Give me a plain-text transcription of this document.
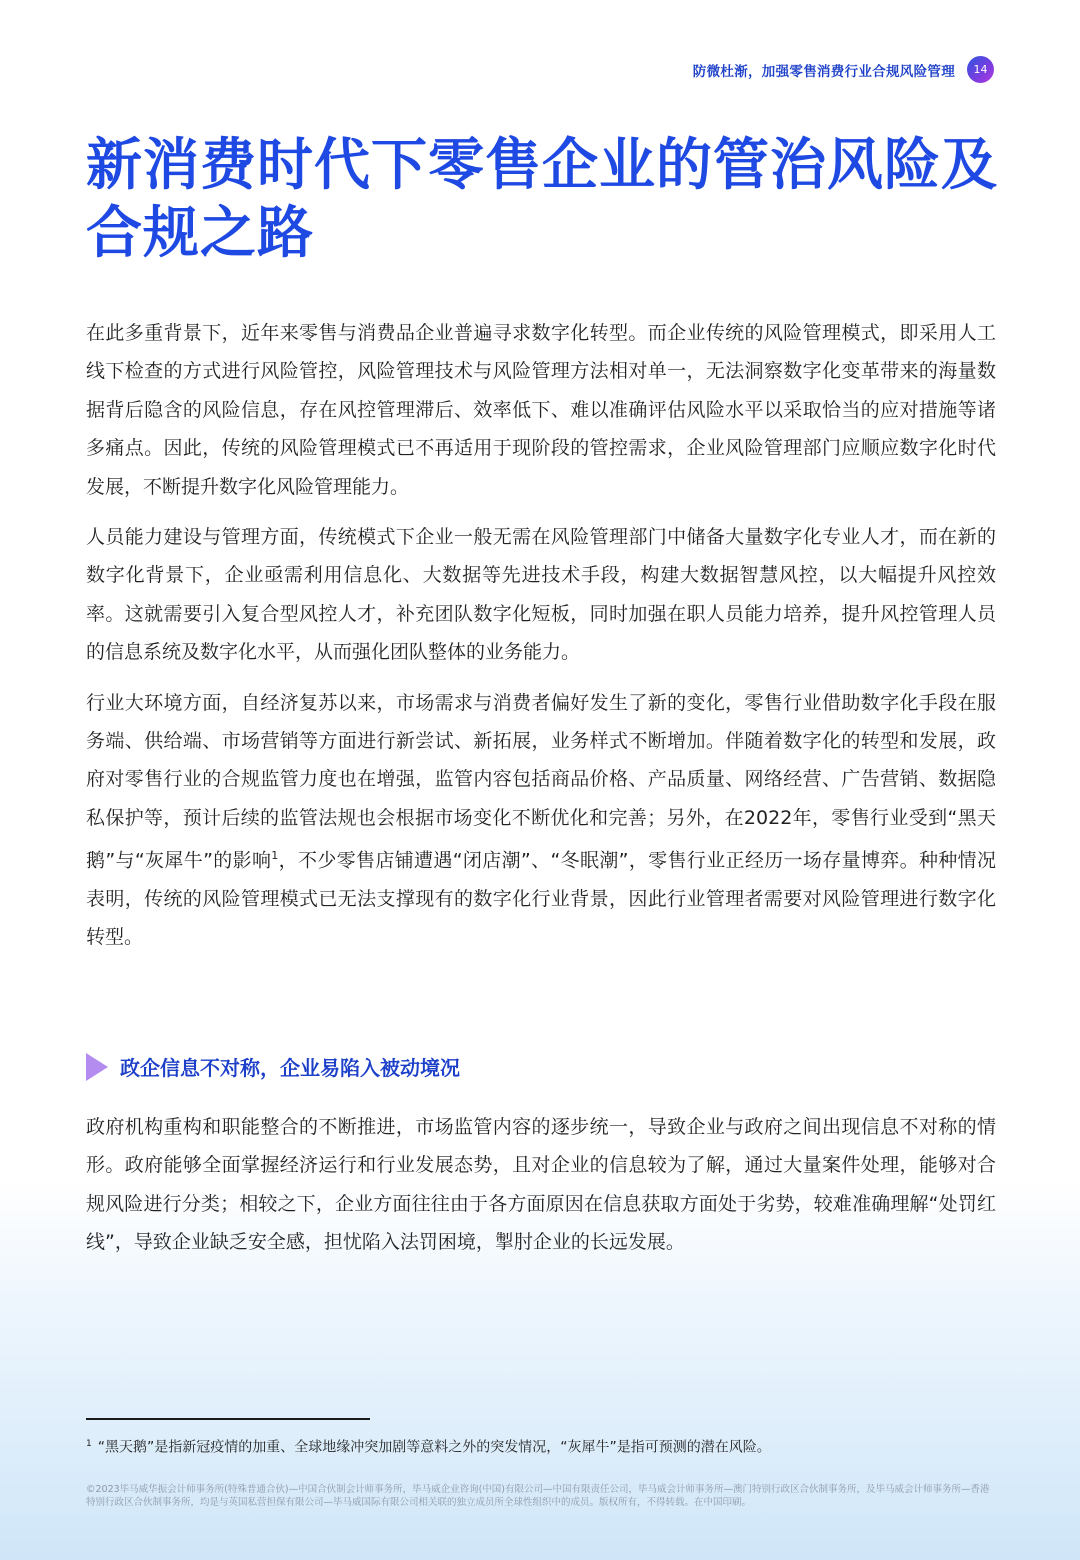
防微杜渐，加强零售消费行业合规风险管理	14
新消费时代下零售企业的管治风险及合规之路

在此多重背景下，近年来零售与消费品企业普遍寻求数字化转型。而企业传统的风险管理模式，即采用人工线下检查的方式进行风险管控，风险管理技术与风险管理方法相对单一，无法洞察数字化变革带来的海量数据背后隐含的风险信息，存在风控管理滞后、效率低下、难以准确评估风险水平以采取恰当的应对措施等诸多痛点。因此，传统的风险管理模式已不再适用于现阶段的管控需求，企业风险管理部门应顺应数字化时代发展，不断提升数字化风险管理能力。

人员能力建设与管理方面，传统模式下企业一般无需在风险管理部门中储备大量数字化专业人才，而在新的数字化背景下，企业亟需利用信息化、大数据等先进技术手段，构建大数据智慧风控，以大幅提升风控效率。这就需要引入复合型风控人才，补充团队数字化短板，同时加强在职人员能力培养，提升风控管理人员的信息系统及数字化水平，从而强化团队整体的业务能力。

行业大环境方面，自经济复苏以来，市场需求与消费者偏好发生了新的变化，零售行业借助数字化手段在服务端、供给端、市场营销等方面进行新尝试、新拓展，业务样式不断增加。伴随着数字化的转型和发展，政府对零售行业的合规监管力度也在增强，监管内容包括商品价格、产品质量、网络经营、广告营销、数据隐私保护等，预计后续的监管法规也会根据市场变化不断优化和完善；另外，在2022年，零售行业受到“黑天鹅”与“灰犀牛”的影响$^1$，不少零售店铺遭遇“闭店潮”、“冬眠潮”，零售行业正经历一场存量博弈。种种情况表明，传统的风险管理模式已无法支撑现有的数字化行业背景，因此行业管理者需要对风险管理进行数字化转型。

政企信息不对称，企业易陷入被动境况

政府机构重构和职能整合的不断推进，市场监管内容的逐步统一，导致企业与政府之间出现信息不对称的情形。政府能够全面掌握经济运行和行业发展态势，且对企业的信息较为了解，通过大量案件处理，能够对合规风险进行分类；相较之下，企业方面往往由于各方面原因在信息获取方面处于劣势，较难准确理解“处罚红线”，导致企业缺乏安全感，担忧陷入法罚困境，掣肘企业的长远发展。

$^1$ “黑天鹅”是指新冠疫情的加重、全球地缘冲突加剧等意料之外的突发情况，“灰犀牛”是指可预测的潜在风险。
©2023毕马威华振会计师事务所(特殊普通合伙)—中国合伙制会计师事务所，毕马威企业咨询(中国)有限公司—中国有限责任公司，毕马威会计师事务所—澳门特别行政区合伙制事务所，及毕马威会计师事务所—香港特别行政区合伙制事务所，均是与英国私营担保有限公司—毕马威国际有限公司相关联的独立成员所全球性组织中的成员。版权所有，不得转载。在中国印刷。
